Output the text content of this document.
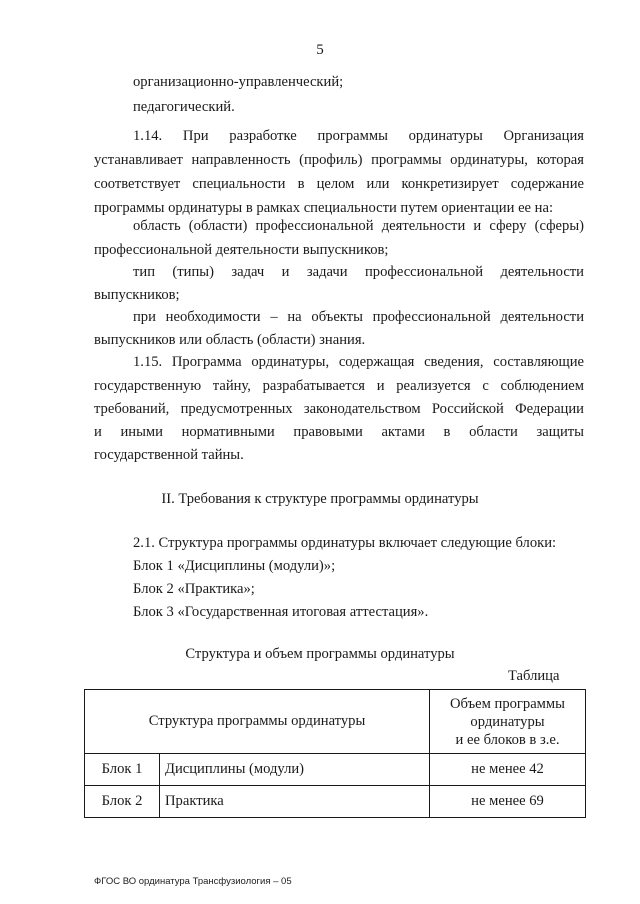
5
организационно-управленческий;
педагогический.
1.14. При разработке программы ординатуры Организация
устанавливает направленность (профиль) программы ординатуры, которая
соответствует специальности в целом или конкретизирует содержание
программы ординатуры в рамках специальности путем ориентации ее на:
область (области) профессиональной деятельности и сферу (сферы)
профессиональной деятельности выпускников;
тип (типы) задач и задачи профессиональной деятельности
выпускников;
при необходимости – на объекты профессиональной деятельности
выпускников или область (области) знания.
1.15. Программа ординатуры, содержащая сведения, составляющие
государственную тайну, разрабатывается и реализуется с соблюдением
требований, предусмотренных законодательством Российской Федерации
и иными нормативными правовыми актами в области защиты
государственной тайны.
II. Требования к структуре программы ординатуры
2.1. Структура программы ординатуры включает следующие блоки:
Блок 1 «Дисциплины (модули)»;
Блок 2 «Практика»;
Блок 3 «Государственная итоговая аттестация».
Структура и объем программы ординатуры
Таблица
Структура программы ординатуры		Объем программы
ординатуры
и ее блоков в з.е.

Блок 1	Дисциплины (модули)	не менее 42
Блок 2	Практика	не менее 69
ФГОС ВО ординатура Трансфузиология – 05
